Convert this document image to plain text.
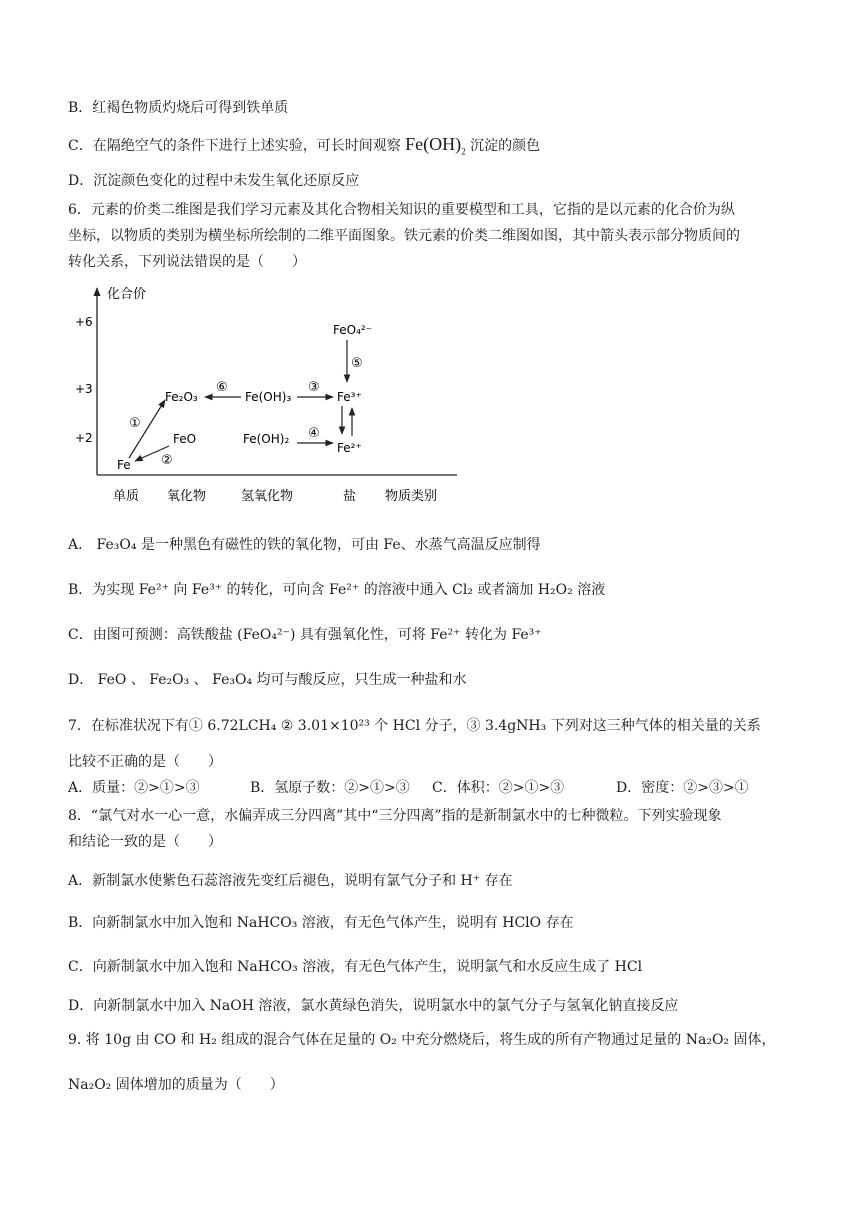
B．红褐色物质灼烧后可得到铁单质
C．在隔绝空气的条件下进行上述实验，可长时间观察 $Fe(OH)_2$ 沉淀的颜色
D．沉淀颜色变化的过程中未发生氧化还原反应
6．元素的价类二维图是我们学习元素及其化合物相关知识的重要模型和工具，它指的是以元素的化合价为纵
坐标，以物质的类别为横坐标所绘制的二维平面图象。铁元素的价类二维图如图，其中箭头表示部分物质间的
转化关系，下列说法错误的是（　　）
化合价
+6
+3
+2
单质 氧化物	氢氧化物	盐 物质类别
Fe
Fe₂O₃
FeO
Fe(OH)₃
Fe(OH)₂
Fe³⁺
Fe²⁺
FeO₄²⁻
①
②
③
④
⑤
⑥
A． Fe₃O₄ 是一种黑色有磁性的铁的氧化物，可由 Fe、水蒸气高温反应制得
B．为实现 Fe²⁺ 向 Fe³⁺ 的转化，可向含 Fe²⁺ 的溶液中通入 Cl₂ 或者滴加 H₂O₂ 溶液
C．由图可预测：高铁酸盐 (FeO₄²⁻) 具有强氧化性，可将 Fe²⁺ 转化为 Fe³⁺
D． FeO 、 Fe₂O₃ 、 Fe₃O₄ 均可与酸反应，只生成一种盐和水
7．在标准状况下有① 6.72LCH₄ ② 3.01×10²³ 个 HCl 分子，③ 3.4gNH₃ 下列对这三种气体的相关量的关系
比较不正确的是（　　）
A．质量：②>①>③	B．氢原子数：②>①>③ C．体积：②>①>③	D．密度：②>③>①
8．“氯气对水一心一意，水偏弄成三分四离”其中“三分四离”指的是新制氯水中的七种微粒。下列实验现象
和结论一致的是（　　）
A．新制氯水使紫色石蕊溶液先变红后褪色，说明有氯气分子和 H⁺ 存在
B．向新制氯水中加入饱和 NaHCO₃ 溶液，有无色气体产生，说明有 HClO 存在
C．向新制氯水中加入饱和 NaHCO₃ 溶液，有无色气体产生，说明氯气和水反应生成了 HCl
D．向新制氯水中加入 NaOH 溶液，氯水黄绿色消失，说明氯水中的氯气分子与氢氧化钠直接反应
9. 将 10g 由 CO 和 H₂ 组成的混合气体在足量的 O₂ 中充分燃烧后，将生成的所有产物通过足量的 Na₂O₂ 固体，
Na₂O₂ 固体增加的质量为（　　）
